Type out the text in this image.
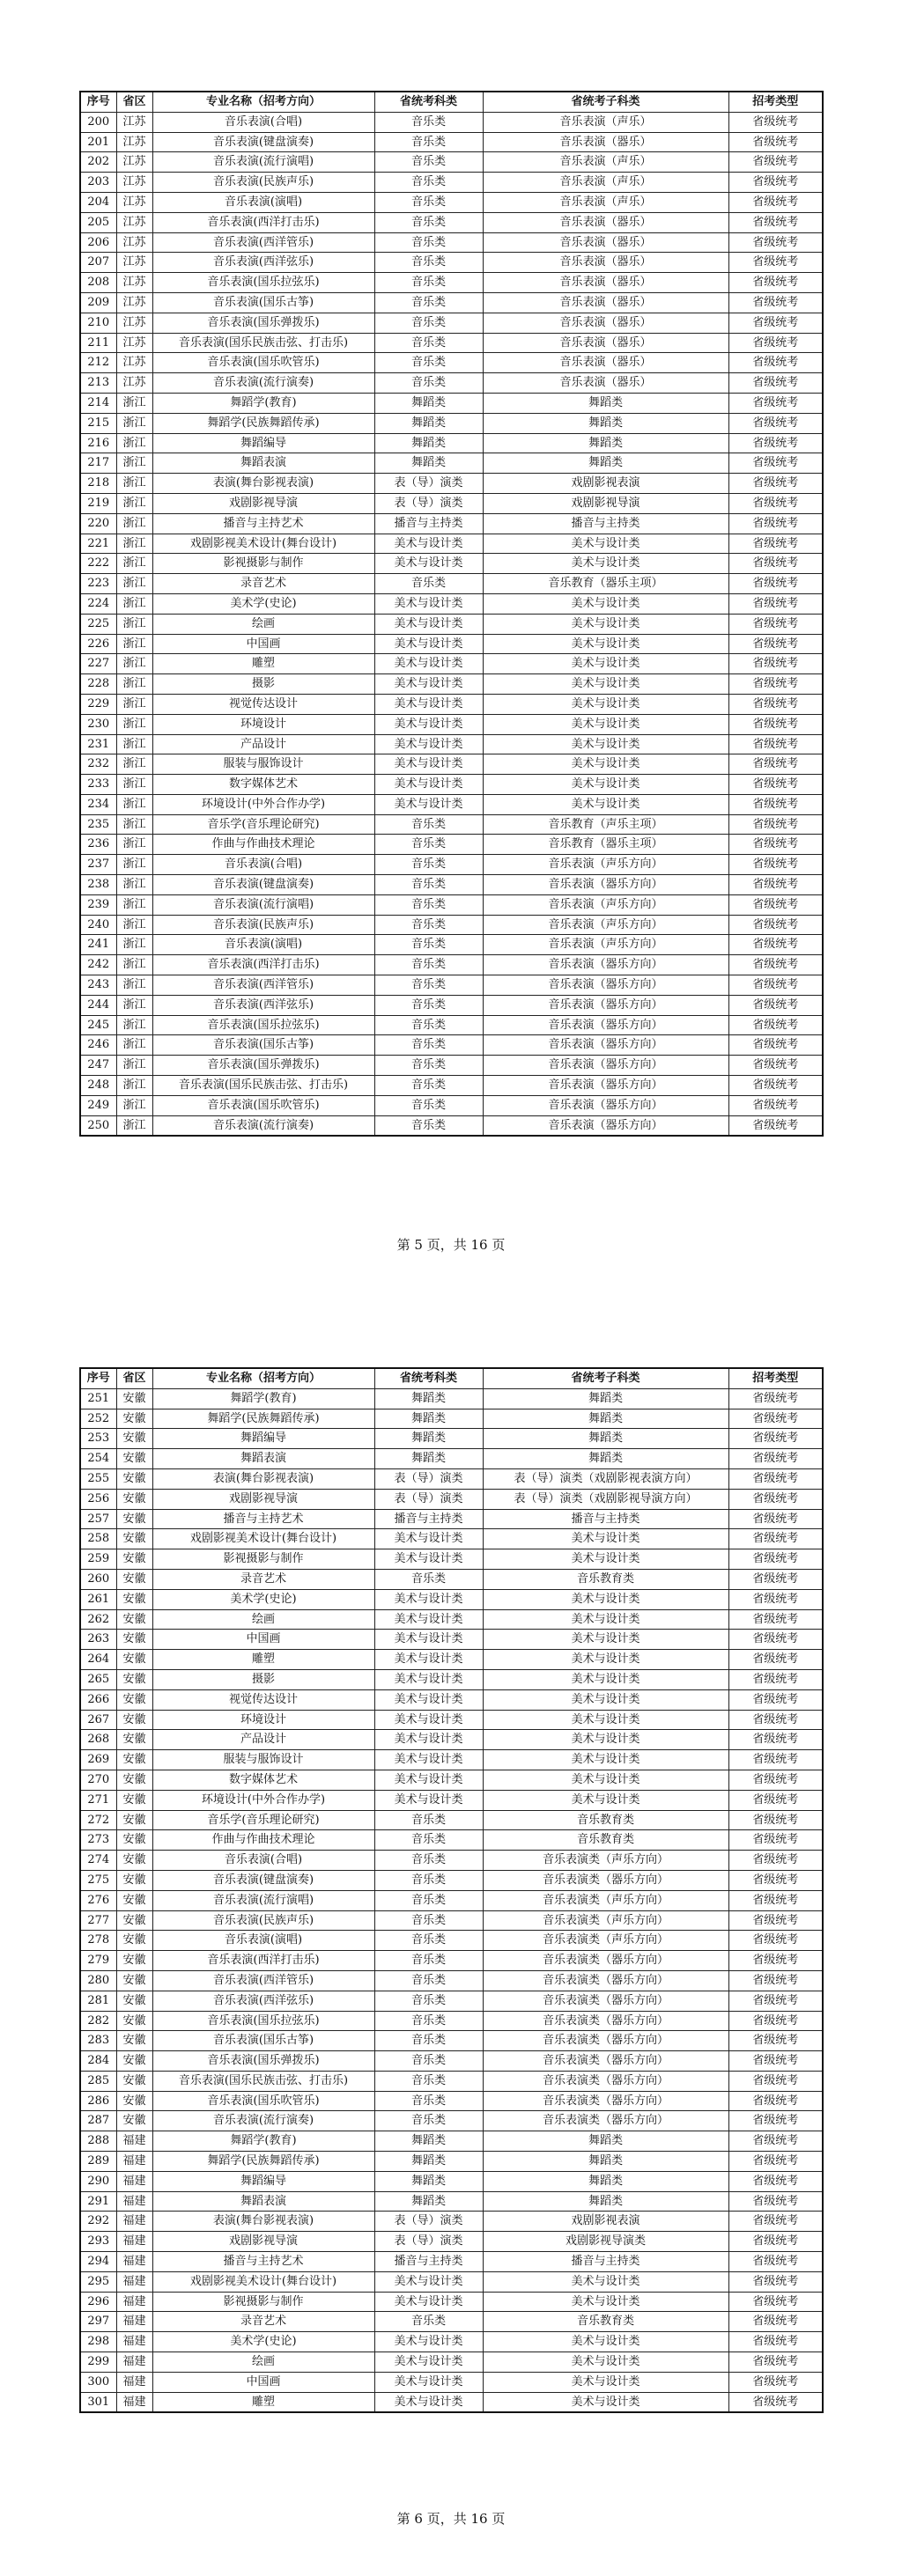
序号	省区	专业名称（招考方向）	省统考科类	省统考子科类	招考类型
200	江苏	音乐表演(合唱)	音乐类	音乐表演（声乐）	省级统考
201	江苏	音乐表演(键盘演奏)	音乐类	音乐表演（器乐）	省级统考
202	江苏	音乐表演(流行演唱)	音乐类	音乐表演（声乐）	省级统考
203	江苏	音乐表演(民族声乐)	音乐类	音乐表演（声乐）	省级统考
204	江苏	音乐表演(演唱)	音乐类	音乐表演（声乐）	省级统考
205	江苏	音乐表演(西洋打击乐)	音乐类	音乐表演（器乐）	省级统考
206	江苏	音乐表演(西洋管乐)	音乐类	音乐表演（器乐）	省级统考
207	江苏	音乐表演(西洋弦乐)	音乐类	音乐表演（器乐）	省级统考
208	江苏	音乐表演(国乐拉弦乐)	音乐类	音乐表演（器乐）	省级统考
209	江苏	音乐表演(国乐古筝)	音乐类	音乐表演（器乐）	省级统考
210	江苏	音乐表演(国乐弹拨乐)	音乐类	音乐表演（器乐）	省级统考
211	江苏	音乐表演(国乐民族击弦、打击乐)	音乐类	音乐表演（器乐）	省级统考
212	江苏	音乐表演(国乐吹管乐)	音乐类	音乐表演（器乐）	省级统考
213	江苏	音乐表演(流行演奏)	音乐类	音乐表演（器乐）	省级统考
214	浙江	舞蹈学(教育)	舞蹈类	舞蹈类	省级统考
215	浙江	舞蹈学(民族舞蹈传承)	舞蹈类	舞蹈类	省级统考
216	浙江	舞蹈编导	舞蹈类	舞蹈类	省级统考
217	浙江	舞蹈表演	舞蹈类	舞蹈类	省级统考
218	浙江	表演(舞台影视表演)	表（导）演类	戏剧影视表演	省级统考
219	浙江	戏剧影视导演	表（导）演类	戏剧影视导演	省级统考
220	浙江	播音与主持艺术	播音与主持类	播音与主持类	省级统考
221	浙江	戏剧影视美术设计(舞台设计)	美术与设计类	美术与设计类	省级统考
222	浙江	影视摄影与制作	美术与设计类	美术与设计类	省级统考
223	浙江	录音艺术	音乐类	音乐教育（器乐主项）	省级统考
224	浙江	美术学(史论)	美术与设计类	美术与设计类	省级统考
225	浙江	绘画	美术与设计类	美术与设计类	省级统考
226	浙江	中国画	美术与设计类	美术与设计类	省级统考
227	浙江	雕塑	美术与设计类	美术与设计类	省级统考
228	浙江	摄影	美术与设计类	美术与设计类	省级统考
229	浙江	视觉传达设计	美术与设计类	美术与设计类	省级统考
230	浙江	环境设计	美术与设计类	美术与设计类	省级统考
231	浙江	产品设计	美术与设计类	美术与设计类	省级统考
232	浙江	服装与服饰设计	美术与设计类	美术与设计类	省级统考
233	浙江	数字媒体艺术	美术与设计类	美术与设计类	省级统考
234	浙江	环境设计(中外合作办学)	美术与设计类	美术与设计类	省级统考
235	浙江	音乐学(音乐理论研究)	音乐类	音乐教育（声乐主项）	省级统考
236	浙江	作曲与作曲技术理论	音乐类	音乐教育（器乐主项）	省级统考
237	浙江	音乐表演(合唱)	音乐类	音乐表演（声乐方向）	省级统考
238	浙江	音乐表演(键盘演奏)	音乐类	音乐表演（器乐方向）	省级统考
239	浙江	音乐表演(流行演唱)	音乐类	音乐表演（声乐方向）	省级统考
240	浙江	音乐表演(民族声乐)	音乐类	音乐表演（声乐方向）	省级统考
241	浙江	音乐表演(演唱)	音乐类	音乐表演（声乐方向）	省级统考
242	浙江	音乐表演(西洋打击乐)	音乐类	音乐表演（器乐方向）	省级统考
243	浙江	音乐表演(西洋管乐)	音乐类	音乐表演（器乐方向）	省级统考
244	浙江	音乐表演(西洋弦乐)	音乐类	音乐表演（器乐方向）	省级统考
245	浙江	音乐表演(国乐拉弦乐)	音乐类	音乐表演（器乐方向）	省级统考
246	浙江	音乐表演(国乐古筝)	音乐类	音乐表演（器乐方向）	省级统考
247	浙江	音乐表演(国乐弹拨乐)	音乐类	音乐表演（器乐方向）	省级统考
248	浙江	音乐表演(国乐民族击弦、打击乐)	音乐类	音乐表演（器乐方向）	省级统考
249	浙江	音乐表演(国乐吹管乐)	音乐类	音乐表演（器乐方向）	省级统考
250	浙江	音乐表演(流行演奏)	音乐类	音乐表演（器乐方向）	省级统考
第 5 页，共 16 页
序号	省区	专业名称（招考方向）	省统考科类	省统考子科类	招考类型
251	安徽	舞蹈学(教育)	舞蹈类	舞蹈类	省级统考
252	安徽	舞蹈学(民族舞蹈传承)	舞蹈类	舞蹈类	省级统考
253	安徽	舞蹈编导	舞蹈类	舞蹈类	省级统考
254	安徽	舞蹈表演	舞蹈类	舞蹈类	省级统考
255	安徽	表演(舞台影视表演)	表（导）演类	表（导）演类（戏剧影视表演方向）	省级统考
256	安徽	戏剧影视导演	表（导）演类	表（导）演类（戏剧影视导演方向）	省级统考
257	安徽	播音与主持艺术	播音与主持类	播音与主持类	省级统考
258	安徽	戏剧影视美术设计(舞台设计)	美术与设计类	美术与设计类	省级统考
259	安徽	影视摄影与制作	美术与设计类	美术与设计类	省级统考
260	安徽	录音艺术	音乐类	音乐教育类	省级统考
261	安徽	美术学(史论)	美术与设计类	美术与设计类	省级统考
262	安徽	绘画	美术与设计类	美术与设计类	省级统考
263	安徽	中国画	美术与设计类	美术与设计类	省级统考
264	安徽	雕塑	美术与设计类	美术与设计类	省级统考
265	安徽	摄影	美术与设计类	美术与设计类	省级统考
266	安徽	视觉传达设计	美术与设计类	美术与设计类	省级统考
267	安徽	环境设计	美术与设计类	美术与设计类	省级统考
268	安徽	产品设计	美术与设计类	美术与设计类	省级统考
269	安徽	服装与服饰设计	美术与设计类	美术与设计类	省级统考
270	安徽	数字媒体艺术	美术与设计类	美术与设计类	省级统考
271	安徽	环境设计(中外合作办学)	美术与设计类	美术与设计类	省级统考
272	安徽	音乐学(音乐理论研究)	音乐类	音乐教育类	省级统考
273	安徽	作曲与作曲技术理论	音乐类	音乐教育类	省级统考
274	安徽	音乐表演(合唱)	音乐类	音乐表演类（声乐方向）	省级统考
275	安徽	音乐表演(键盘演奏)	音乐类	音乐表演类（器乐方向）	省级统考
276	安徽	音乐表演(流行演唱)	音乐类	音乐表演类（声乐方向）	省级统考
277	安徽	音乐表演(民族声乐)	音乐类	音乐表演类（声乐方向）	省级统考
278	安徽	音乐表演(演唱)	音乐类	音乐表演类（声乐方向）	省级统考
279	安徽	音乐表演(西洋打击乐)	音乐类	音乐表演类（器乐方向）	省级统考
280	安徽	音乐表演(西洋管乐)	音乐类	音乐表演类（器乐方向）	省级统考
281	安徽	音乐表演(西洋弦乐)	音乐类	音乐表演类（器乐方向）	省级统考
282	安徽	音乐表演(国乐拉弦乐)	音乐类	音乐表演类（器乐方向）	省级统考
283	安徽	音乐表演(国乐古筝)	音乐类	音乐表演类（器乐方向）	省级统考
284	安徽	音乐表演(国乐弹拨乐)	音乐类	音乐表演类（器乐方向）	省级统考
285	安徽	音乐表演(国乐民族击弦、打击乐)	音乐类	音乐表演类（器乐方向）	省级统考
286	安徽	音乐表演(国乐吹管乐)	音乐类	音乐表演类（器乐方向）	省级统考
287	安徽	音乐表演(流行演奏)	音乐类	音乐表演类（器乐方向）	省级统考
288	福建	舞蹈学(教育)	舞蹈类	舞蹈类	省级统考
289	福建	舞蹈学(民族舞蹈传承)	舞蹈类	舞蹈类	省级统考
290	福建	舞蹈编导	舞蹈类	舞蹈类	省级统考
291	福建	舞蹈表演	舞蹈类	舞蹈类	省级统考
292	福建	表演(舞台影视表演)	表（导）演类	戏剧影视表演	省级统考
293	福建	戏剧影视导演	表（导）演类	戏剧影视导演类	省级统考
294	福建	播音与主持艺术	播音与主持类	播音与主持类	省级统考
295	福建	戏剧影视美术设计(舞台设计)	美术与设计类	美术与设计类	省级统考
296	福建	影视摄影与制作	美术与设计类	美术与设计类	省级统考
297	福建	录音艺术	音乐类	音乐教育类	省级统考
298	福建	美术学(史论)	美术与设计类	美术与设计类	省级统考
299	福建	绘画	美术与设计类	美术与设计类	省级统考
300	福建	中国画	美术与设计类	美术与设计类	省级统考
301	福建	雕塑	美术与设计类	美术与设计类	省级统考
第 6 页，共 16 页
